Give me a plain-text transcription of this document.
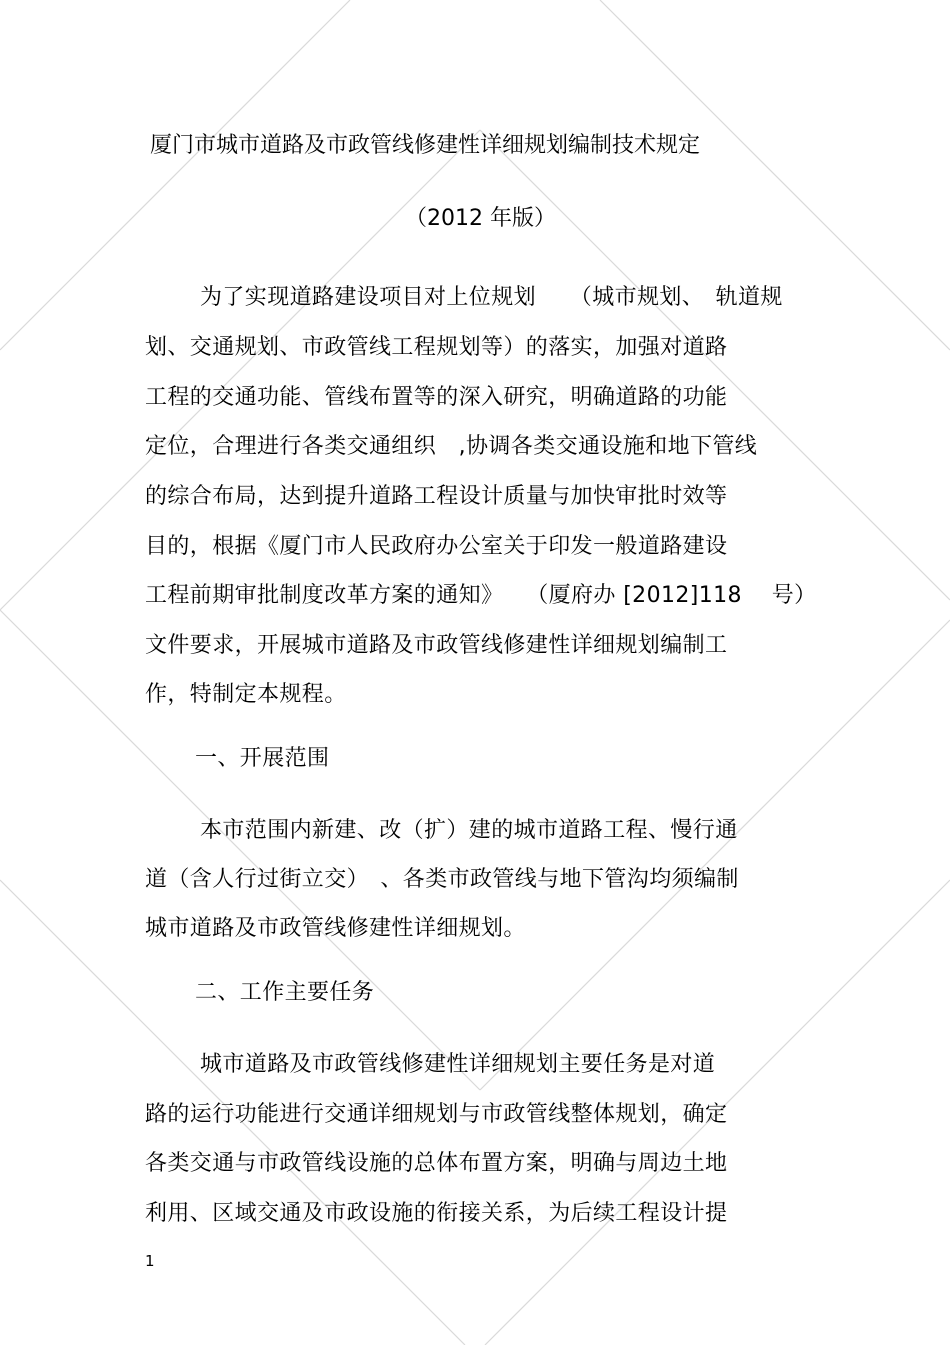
厦门市城市道路及市政管线修建性详细规划编制技术规定
（2012 年版）
为了实现道路建设项目对上位规划　　（城市规划、　轨道规
划、交通规划、市政管线工程规划等）的落实，加强对道路
工程的交通功能、管线布置等的深入研究，明确道路的功能
定位，合理进行各类交通组织　,协调各类交通设施和地下管线
的综合布局，达到提升道路工程设计质量与加快审批时效等
目的，根据《厦门市人民政府办公室关于印发一般道路建设
工程前期审批制度改革方案的通知》　　（厦府办 [2012]118　 号）
文件要求，开展城市道路及市政管线修建性详细规划编制工
作，特制定本规程。
一、开展范围
本市范围内新建、改（扩）建的城市道路工程、慢行通
道（含人行过街立交）　、各类市政管线与地下管沟均须编制
城市道路及市政管线修建性详细规划。
二、工作主要任务
城市道路及市政管线修建性详细规划主要任务是对道
路的运行功能进行交通详细规划与市政管线整体规划，确定
各类交通与市政管线设施的总体布置方案，明确与周边土地
利用、区域交通及市政设施的衔接关系，为后续工程设计提
1
